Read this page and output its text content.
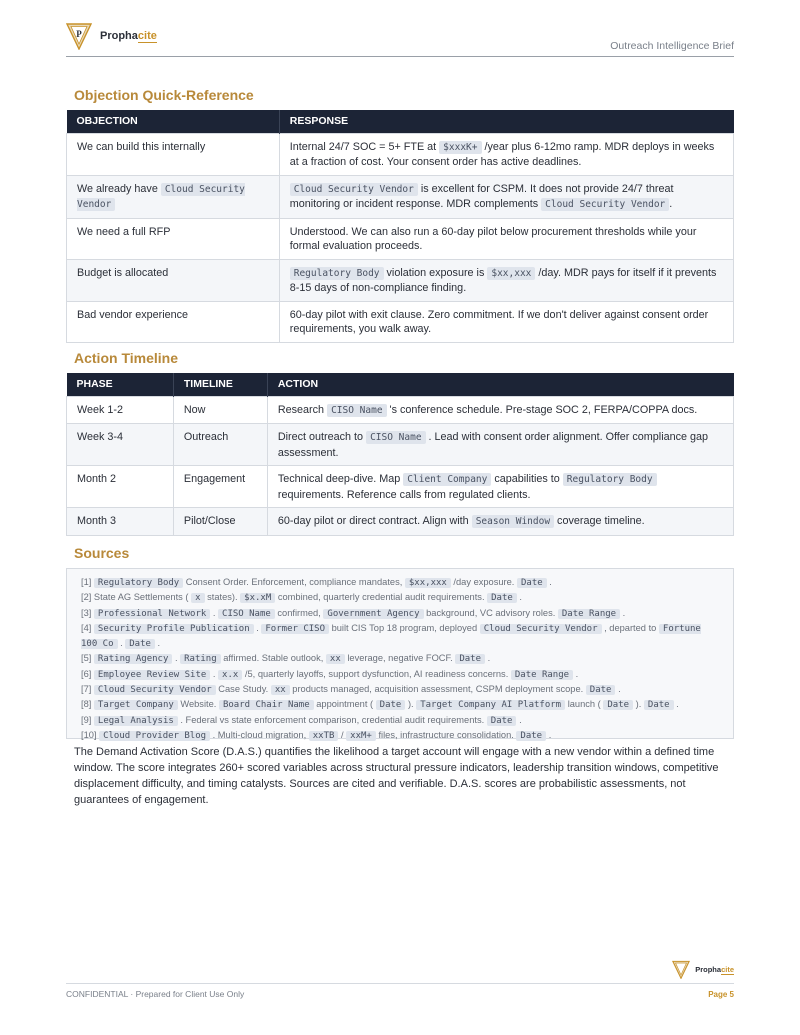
P Prophacite
Outreach Intelligence Brief
Objection Quick-Reference
OBJECTION	RESPONSE
We can build this internally	Internal 24/7 SOC = 5+ FTE at $xxxK+ /year plus 6-12mo ramp. MDR deploys in weeks at a fraction of cost. Your consent order has active deadlines.
We already have Cloud Security Vendor	Cloud Security Vendor is excellent for CSPM. It does not provide 24/7 threat monitoring or incident response. MDR complements Cloud Security Vendor .
We need a full RFP	Understood. We can also run a 60-day pilot below procurement thresholds while your formal evaluation proceeds.
Budget is allocated	Regulatory Body violation exposure is $xx,xxx /day. MDR pays for itself if it prevents 8-15 days of non-compliance finding.
Bad vendor experience	60-day pilot with exit clause. Zero commitment. If we don't deliver against consent order requirements, you walk away.
Action Timeline
PHASE	TIMELINE	ACTION
Week 1-2	Now	Research CISO Name 's conference schedule. Pre-stage SOC 2, FERPA/COPPA docs.
Week 3-4	Outreach	Direct outreach to CISO Name . Lead with consent order alignment. Offer compliance gap assessment.
Month 2	Engagement	Technical deep-dive. Map Client Company capabilities to Regulatory Body requirements. Reference calls from regulated clients.
Month 3	Pilot/Close	60-day pilot or direct contract. Align with Season Window coverage timeline.
Sources
[1] Regulatory Body Consent Order. Enforcement, compliance mandates, $xx,xxx /day exposure. Date .
[2] State AG Settlements ( x states). $x.xM combined, quarterly credential audit requirements. Date .
[3] Professional Network . CISO Name confirmed, Government Agency background, VC advisory roles. Date Range .
[4] Security Profile Publication . Former CISO built CIS Top 18 program, deployed Cloud Security Vendor , departed to Fortune 100 Co . Date .
[5] Rating Agency . Rating affirmed. Stable outlook, xx leverage, negative FOCF. Date .
[6] Employee Review Site . x.x /5, quarterly layoffs, support dysfunction, AI readiness concerns. Date Range .
[7] Cloud Security Vendor Case Study. xx products managed, acquisition assessment, CSPM deployment scope. Date .
[8] Target Company Website. Board Chair Name appointment ( Date ). Target Company AI Platform launch ( Date ). Date .
[9] Legal Analysis . Federal vs state enforcement comparison, credential audit requirements. Date .
[10] Cloud Provider Blog . Multi-cloud migration, xxTB / xxM+ files, infrastructure consolidation. Date .
The Demand Activation Score (D.A.S.) quantifies the likelihood a target account will engage with a new vendor within a defined time window. The score integrates 260+ scored variables across structural pressure indicators, leadership transition windows, competitive displacement difficulty, and timing catalysts. Sources are cited and verifiable. D.A.S. scores are probabilistic assessments, not guarantees of engagement.
Prophacite
CONFIDENTIAL · Prepared for Client Use Only	Page 5
